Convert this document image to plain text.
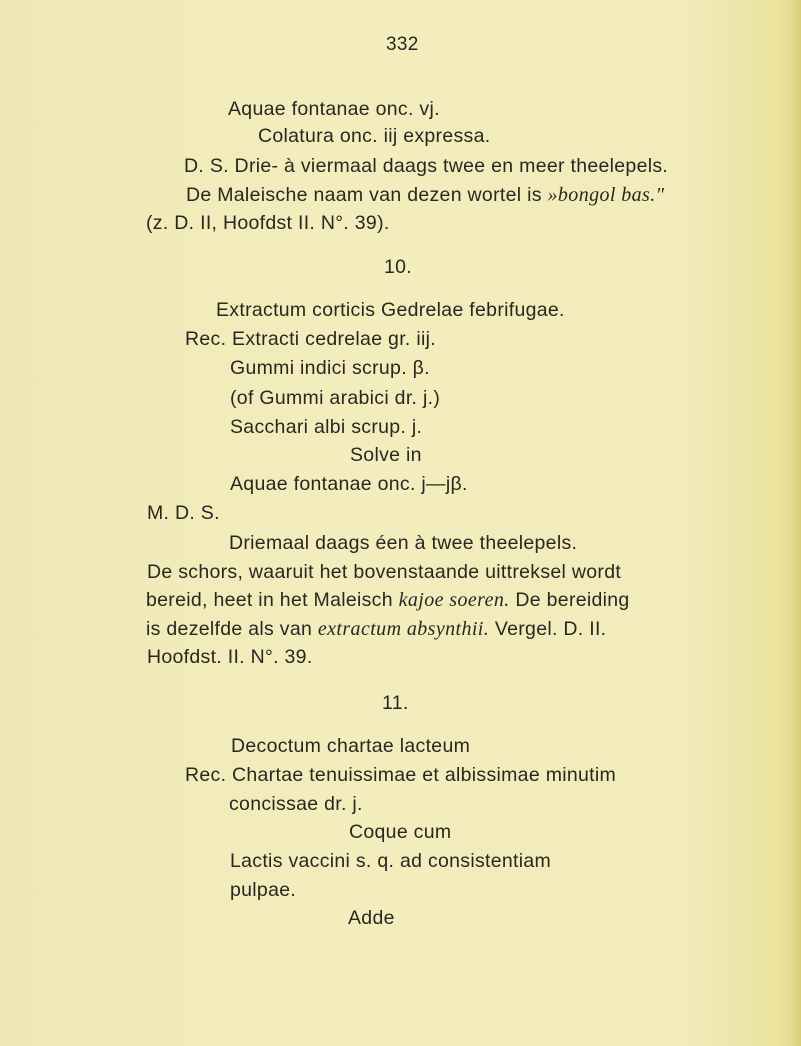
332
Aquae fontanae onc. vj.
Colatura onc. iij expressa.
D. S. Drie- à viermaal daags twee en meer theelepels.
De Maleische naam van dezen wortel is »bongol bas."
(z. D. II, Hoofdst II. N°. 39).
10.
Extractum corticis Gedrelae febrifugae.
Rec. Extracti cedrelae gr. iij.
Gummi indici scrup. β.
(of Gummi arabici dr. j.)
Sacchari albi scrup. j.
Solve in
Aquae fontanae onc. j—jβ.
M. D. S.
Driemaal daags éen à twee theelepels.
De schors, waaruit het bovenstaande uittreksel wordt
bereid, heet in het Maleisch kajoe soeren. De bereiding
is dezelfde als van extractum absynthii. Vergel. D. II.
Hoofdst. II. N°. 39.
11.
Decoctum chartae lacteum
Rec. Chartae tenuissimae et albissimae minutim
concissae dr. j.
Coque cum
Lactis vaccini s. q. ad consistentiam
pulpae.
Adde
